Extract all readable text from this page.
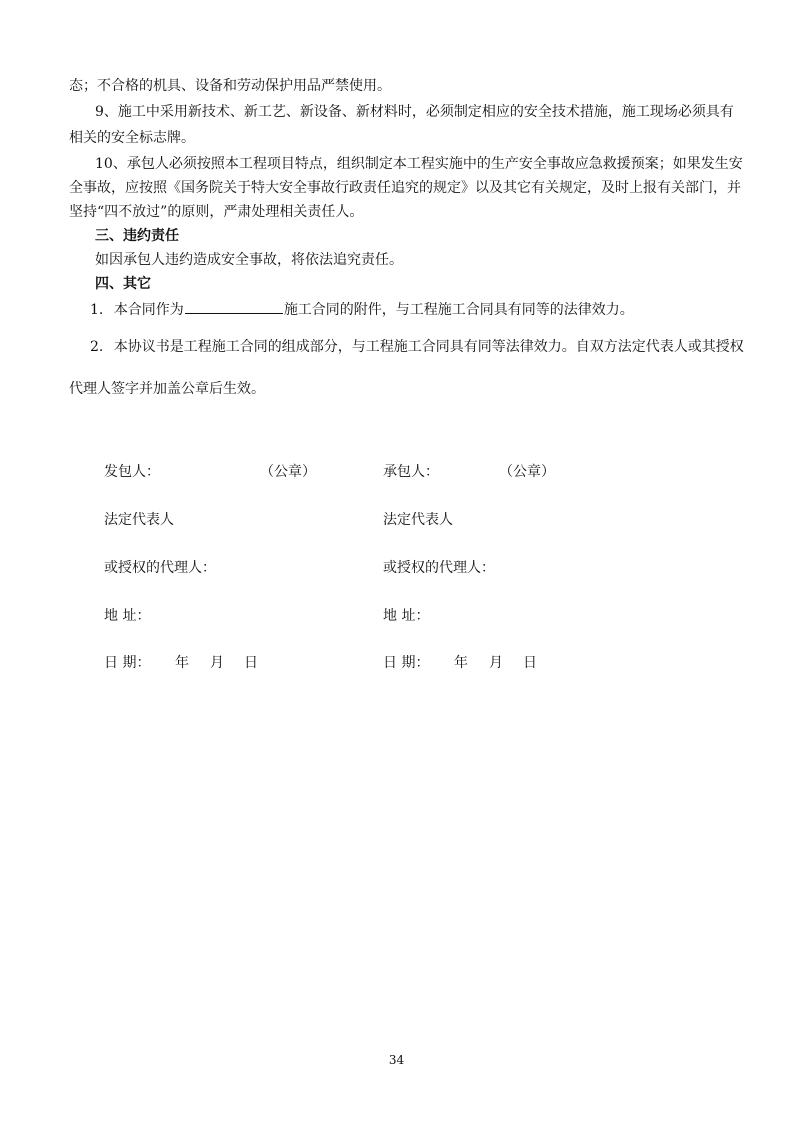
态；不合格的机具、设备和劳动保护用品严禁使用。
9、施工中采用新技术、新工艺、新设备、新材料时，必须制定相应的安全技术措施，施工现场必须具有
相关的安全标志牌。
10、承包人必须按照本工程项目特点，组织制定本工程实施中的生产安全事故应急救援预案；如果发生安
全事故，应按照《国务院关于特大安全事故行政责任追究的规定》以及其它有关规定，及时上报有关部门，并
坚持“四不放过”的原则，严肃处理相关责任人。
三、违约责任
如因承包人违约造成安全事故，将依法追究责任。
四、其它
1. 本合同作为	施工合同的附件，与工程施工合同具有同等的法律效力。
2. 本协议书是工程施工合同的组成部分，与工程施工合同具有同等法律效力。自双方法定代表人或其授权
代理人签字并加盖公章后生效。
发包人：	（公章）
法定代表人
或授权的代理人：
地 址：
日 期： 年 月 日
承包人：	（公章）
法定代表人
或授权的代理人：
地 址：
日 期： 年 月 日
34
